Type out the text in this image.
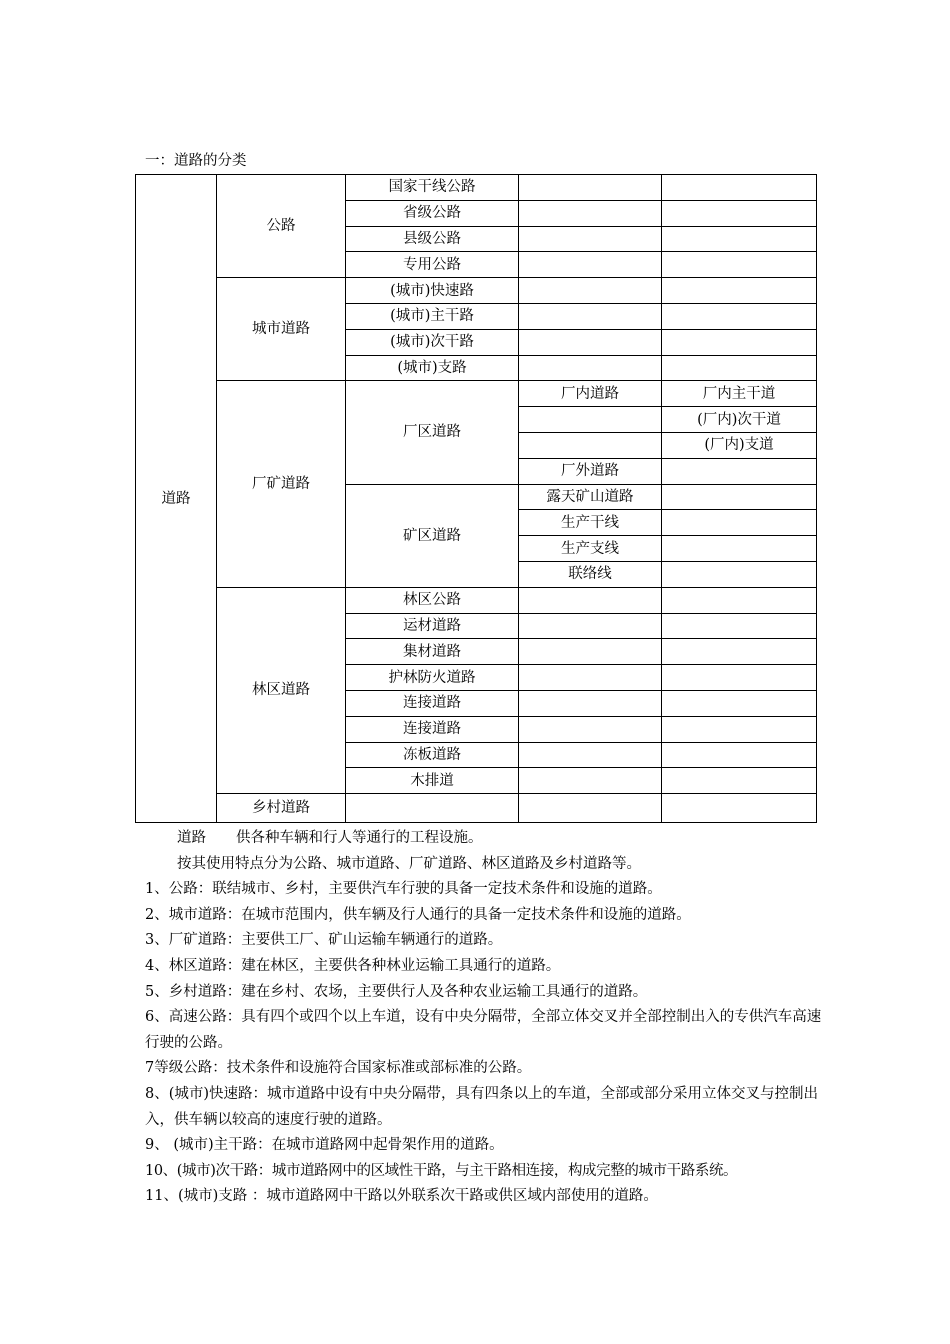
一：道路的分类
道路	公路	国家干线公路		
		省级公路		
		县级公路		
		专用公路		
	城市道路	(城市)快速路		
		(城市)主干路		
		(城市)次干路		
		(城市)支路		
	厂矿道路	厂区道路	厂内道路	厂内主干道
				(厂内)次干道
				(厂内)支道
			厂外道路	
		矿区道路	露天矿山道路	
			生产干线	
			生产支线	
			联络线	
	林区道路	林区公路		
		运材道路		
		集材道路		
		护林防火道路		
		连接道路		
		连接道路		
		冻板道路		
		木排道		
	乡村道路			

道路 供各种车辆和行人等通行的工程设施。

按其使用特点分为公路、城市道路、厂矿道路、林区道路及乡村道路等。

1、公路：联结城市、乡村，主要供汽车行驶的具备一定技术条件和设施的道路。

2、城市道路：在城市范围内，供车辆及行人通行的具备一定技术条件和设施的道路。

3、厂矿道路：主要供工厂、矿山运输车辆通行的道路。

4、林区道路：建在林区，主要供各种林业运输工具通行的道路。

5、乡村道路：建在乡村、农场，主要供行人及各种农业运输工具通行的道路。

6、高速公路：具有四个或四个以上车道，设有中央分隔带，全部立体交叉并全部控制出入的专供汽车高速行驶的公路。

7等级公路：技术条件和设施符合国家标准或部标准的公路。

8、(城市)快速路：城市道路中设有中央分隔带，具有四条以上的车道，全部或部分采用立体交叉与控制出入，供车辆以较高的速度行驶的道路。

9、 (城市)主干路：在城市道路网中起骨架作用的道路。

10、(城市)次干路：城市道路网中的区域性干路，与主干路相连接，构成完整的城市干路系统。

11、(城市)支路 ：城市道路网中干路以外联系次干路或供区域内部使用的道路。
